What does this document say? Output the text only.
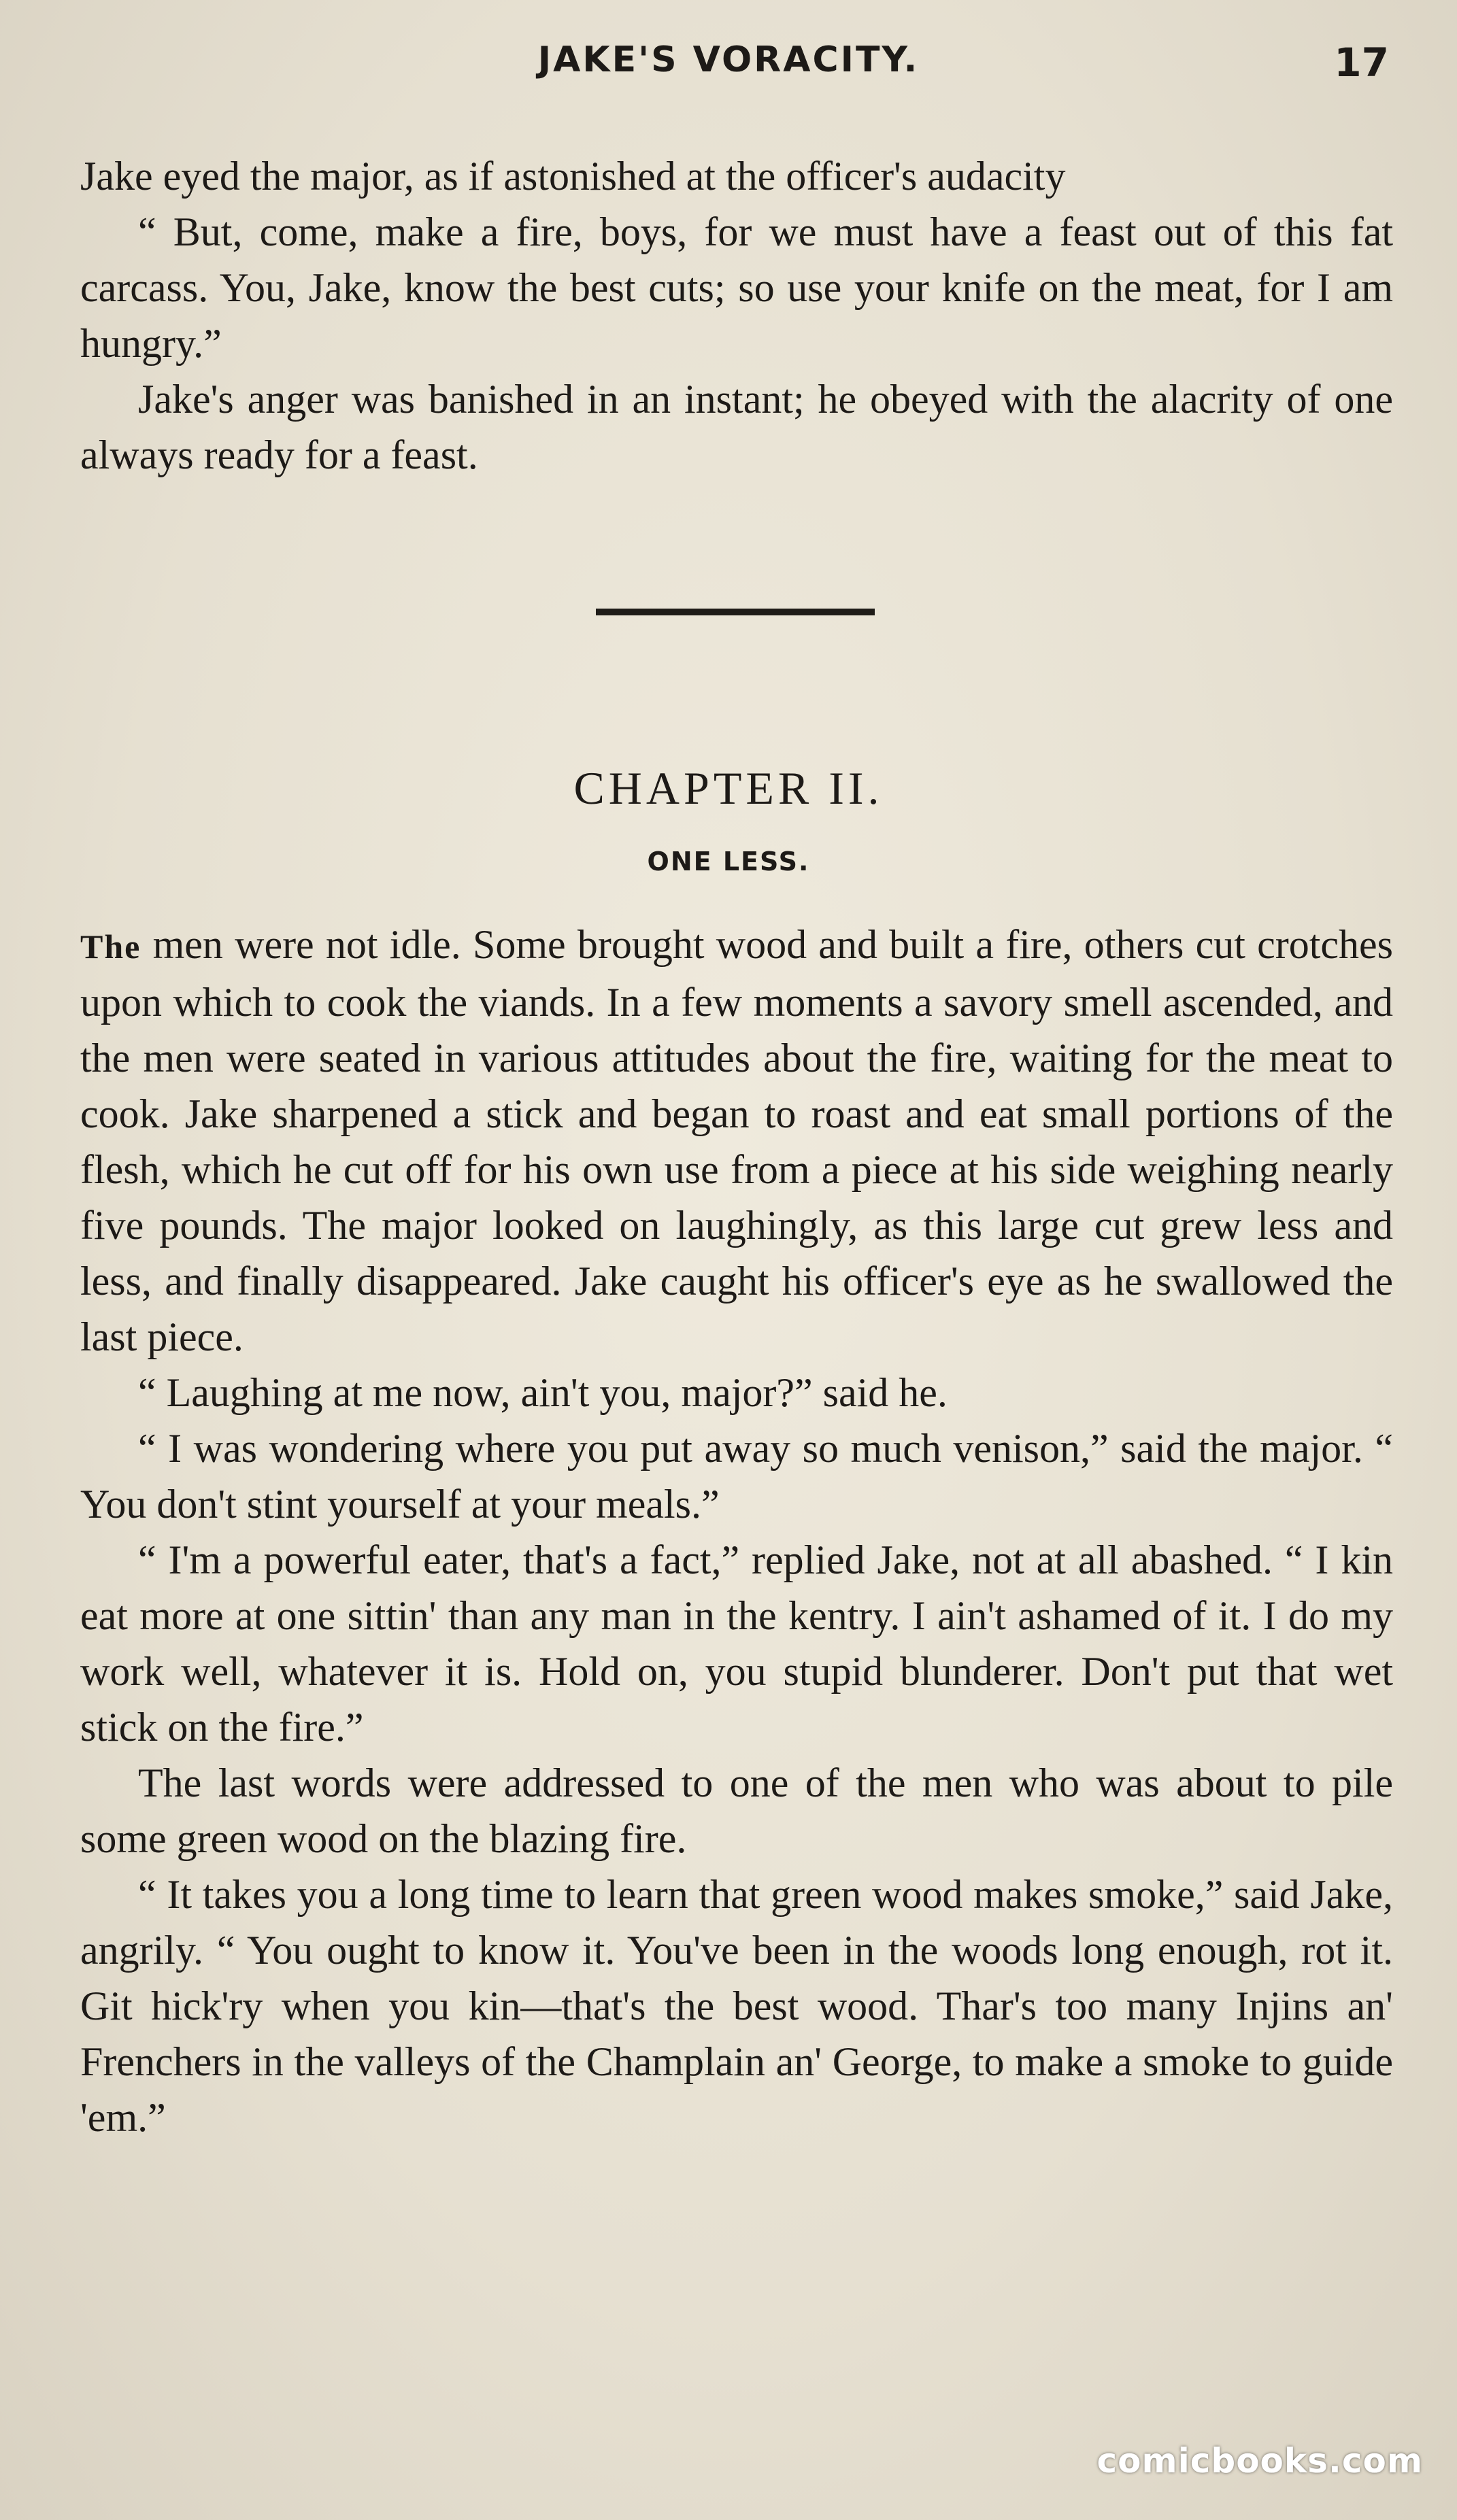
JAKE'S VORACITY.	17

Jake eyed the major, as if astonished at the officer's audacity

“ But, come, make a fire, boys, for we must have a feast out of this fat carcass. You, Jake, know the best cuts; so use your knife on the meat, for I am hungry.”

Jake's anger was banished in an instant; he obeyed with the alacrity of one always ready for a feast.

CHAPTER II.
ONE LESS.

The men were not idle. Some brought wood and built a fire, others cut crotches upon which to cook the viands. In a few moments a savory smell ascended, and the men were seated in various attitudes about the fire, waiting for the meat to cook. Jake sharpened a stick and began to roast and eat small portions of the flesh, which he cut off for his own use from a piece at his side weighing nearly five pounds. The major looked on laughingly, as this large cut grew less and less, and finally disappeared. Jake caught his officer's eye as he swallowed the last piece.

“ Laughing at me now, ain't you, major?” said he.

“ I was wondering where you put away so much venison,” said the major. “ You don't stint yourself at your meals.”

“ I'm a powerful eater, that's a fact,” replied Jake, not at all abashed. “ I kin eat more at one sittin' than any man in the kentry. I ain't ashamed of it. I do my work well, whatever it is. Hold on, you stupid blunderer. Don't put that wet stick on the fire.”

The last words were addressed to one of the men who was about to pile some green wood on the blazing fire.

“ It takes you a long time to learn that green wood makes smoke,” said Jake, angrily. “ You ought to know it. You've been in the woods long enough, rot it. Git hick'ry when you kin—that's the best wood. Thar's too many Injins an' Frenchers in the valleys of the Champlain an' George, to make a smoke to guide 'em.”

comicbooks.com
